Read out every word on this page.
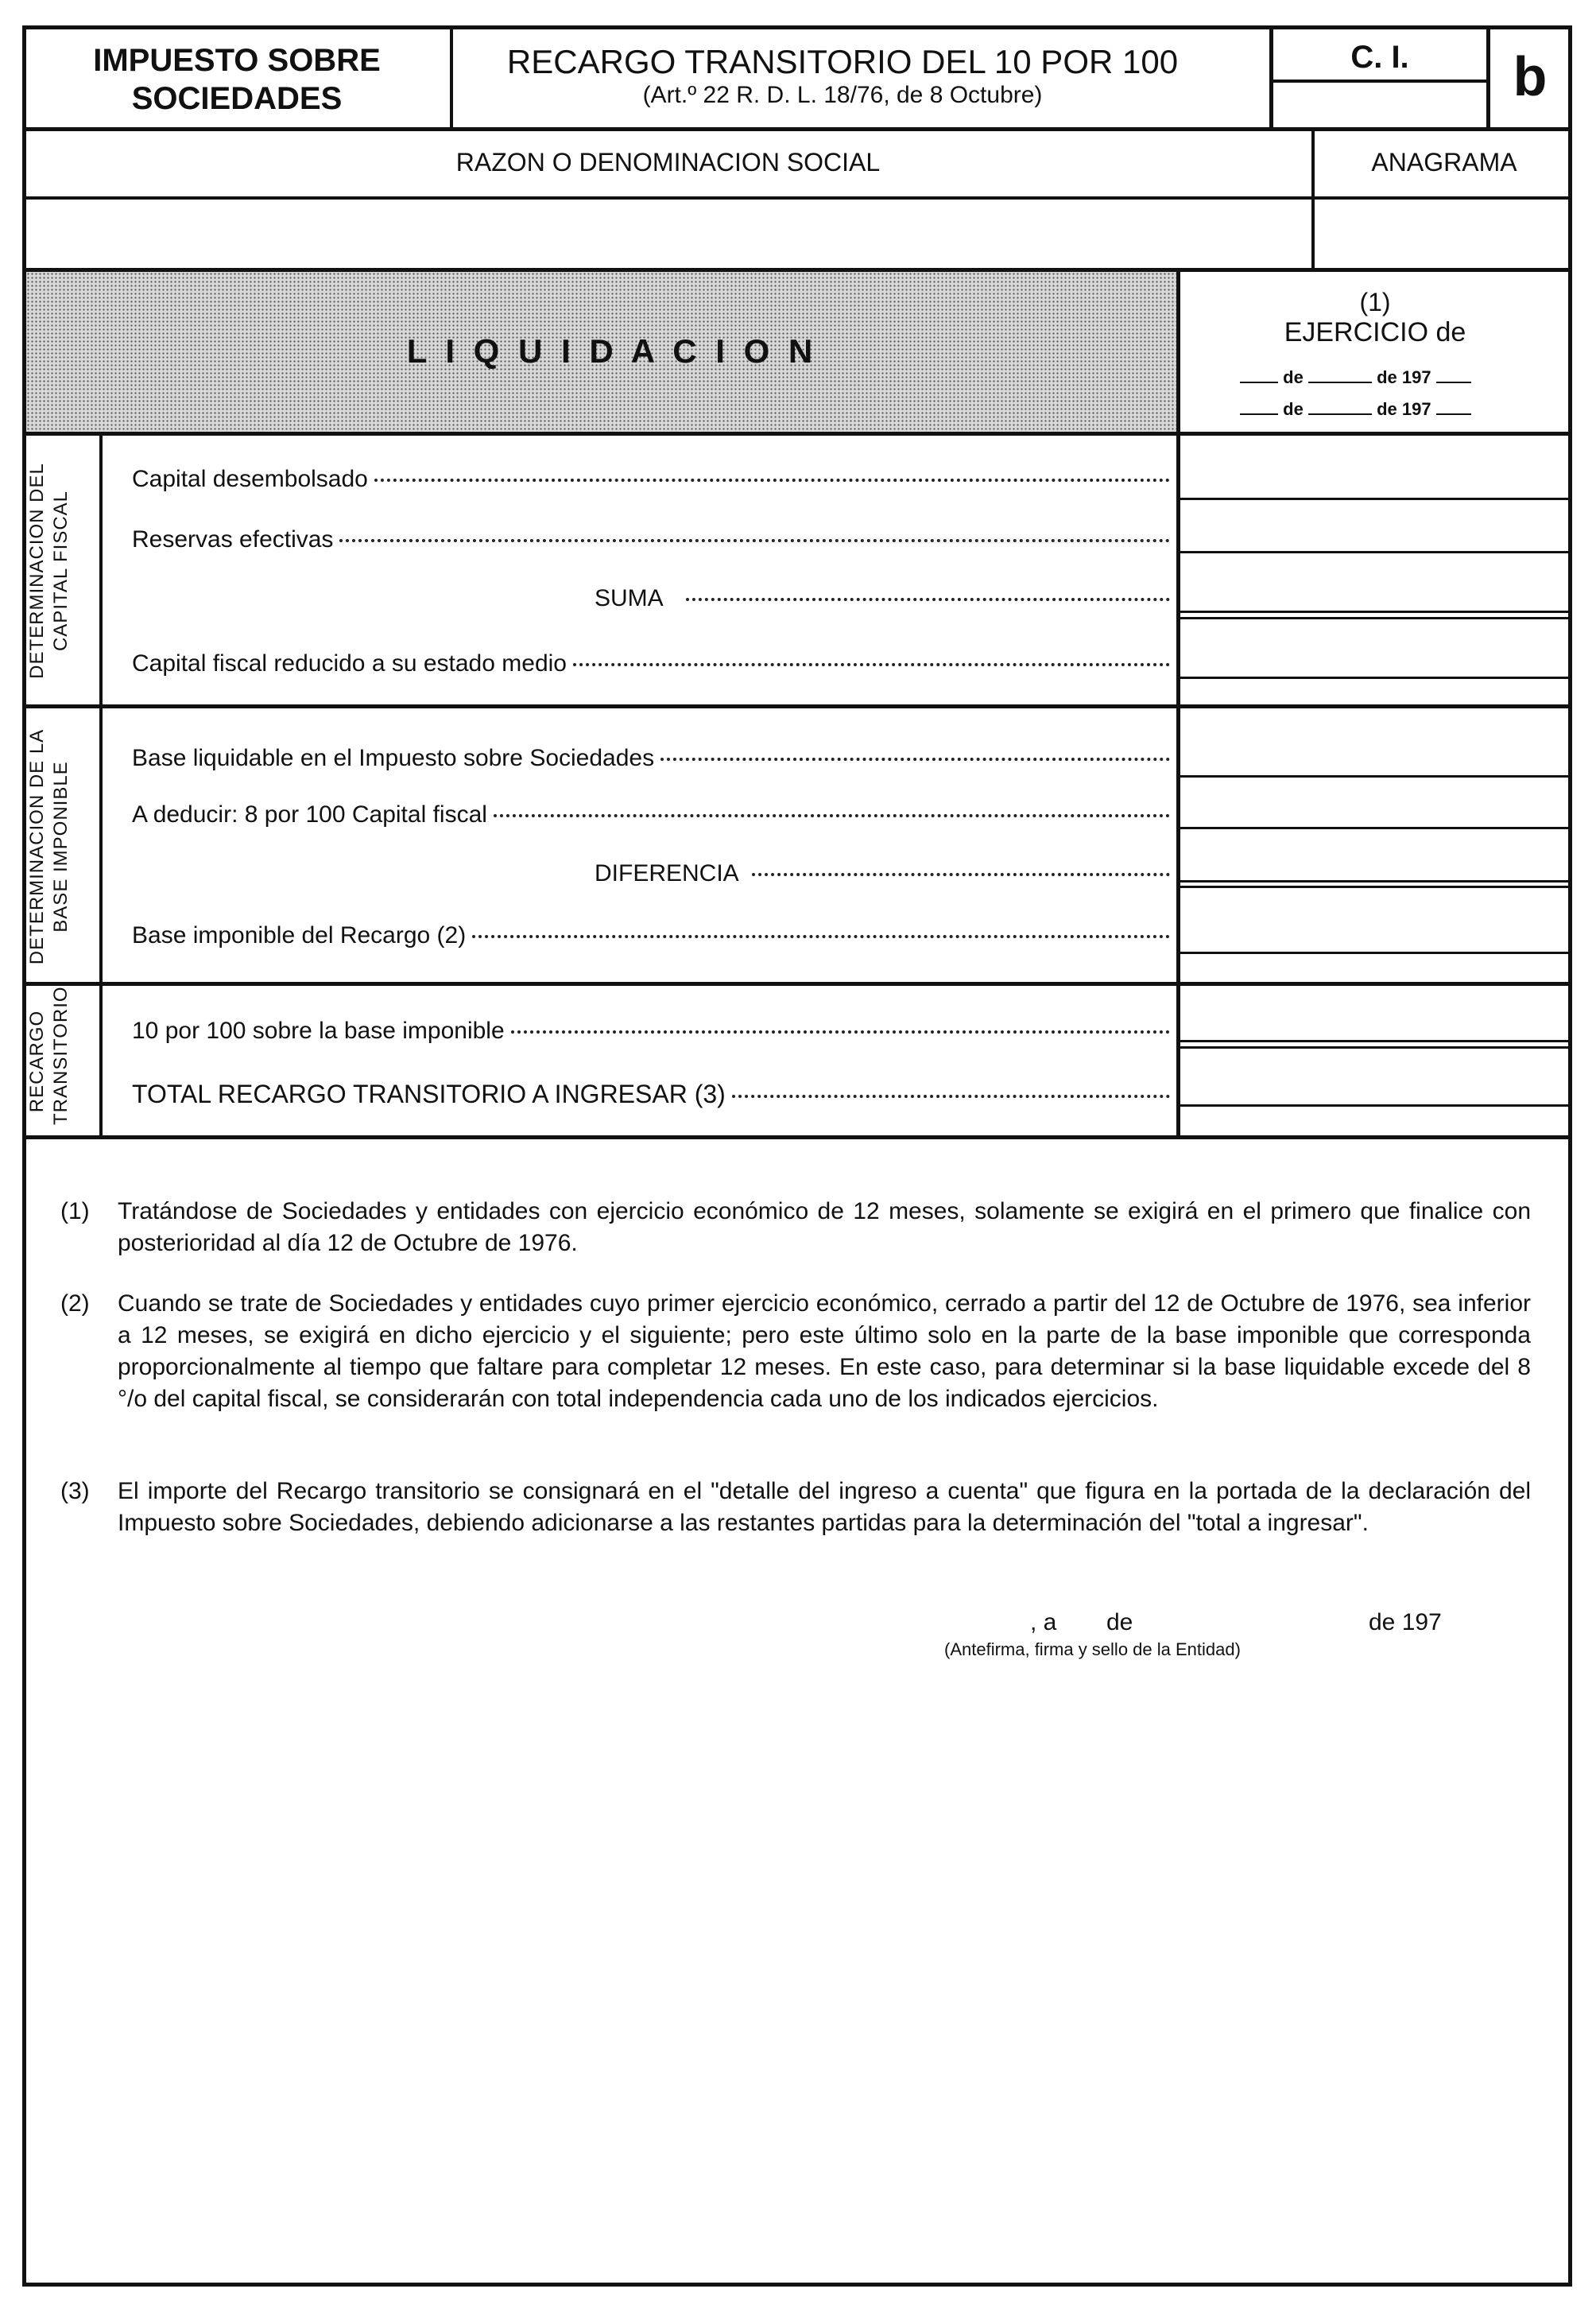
IMPUESTO SOBRE
SOCIEDADES
RECARGO TRANSITORIO DEL 10 POR 100
(Art.º 22 R. D. L. 18/76, de 8 Octubre)
C. I.	b
RAZON O DENOMINACION SOCIAL	ANAGRAMA
L I Q U I D A C I O N
(1)
EJERCICIO de
de	de 197
de	de 197
DETERMINACION DEL CAPITAL FISCAL
Capital desembolsado
Reservas efectivas
SUMA
Capital fiscal reducido a su estado medio
DETERMINACION DE LA BASE IMPONIBLE
Base liquidable en el Impuesto sobre Sociedades
A deducir: 8 por 100 Capital fiscal
DIFERENCIA
Base imponible del Recargo (2)
RECARGO TRANSITORIO	10 por 100 sobre la base imponible
TOTAL RECARGO TRANSITORIO A INGRESAR (3)
(1) Tratándose de Sociedades y entidades con ejercicio económico de 12 meses, solamente se exigirá en el primero que finalice con posterioridad al día 12 de Octubre de 1976.
(2) Cuando se trate de Sociedades y entidades cuyo primer ejercicio económico, cerrado a partir del 12 de Octubre de 1976, sea inferior a 12 meses, se exigirá en dicho ejercicio y el siguiente; pero este último solo en la parte de la base imponible que corresponda proporcionalmente al tiempo que faltare para completar 12 meses. En este caso, para determinar si la base liquidable excede del 8 °/o del capital fiscal, se considerarán con total independencia cada uno de los indicados ejercicios.
(3) El importe del Recargo transitorio se consignará en el "detalle del ingreso a cuenta" que figura en la portada de la declaración del Impuesto sobre Sociedades, debiendo adicionarse a las restantes partidas para la determinación del "total a ingresar".
, a de	de 197
(Antefirma, firma y sello de la Entidad)
